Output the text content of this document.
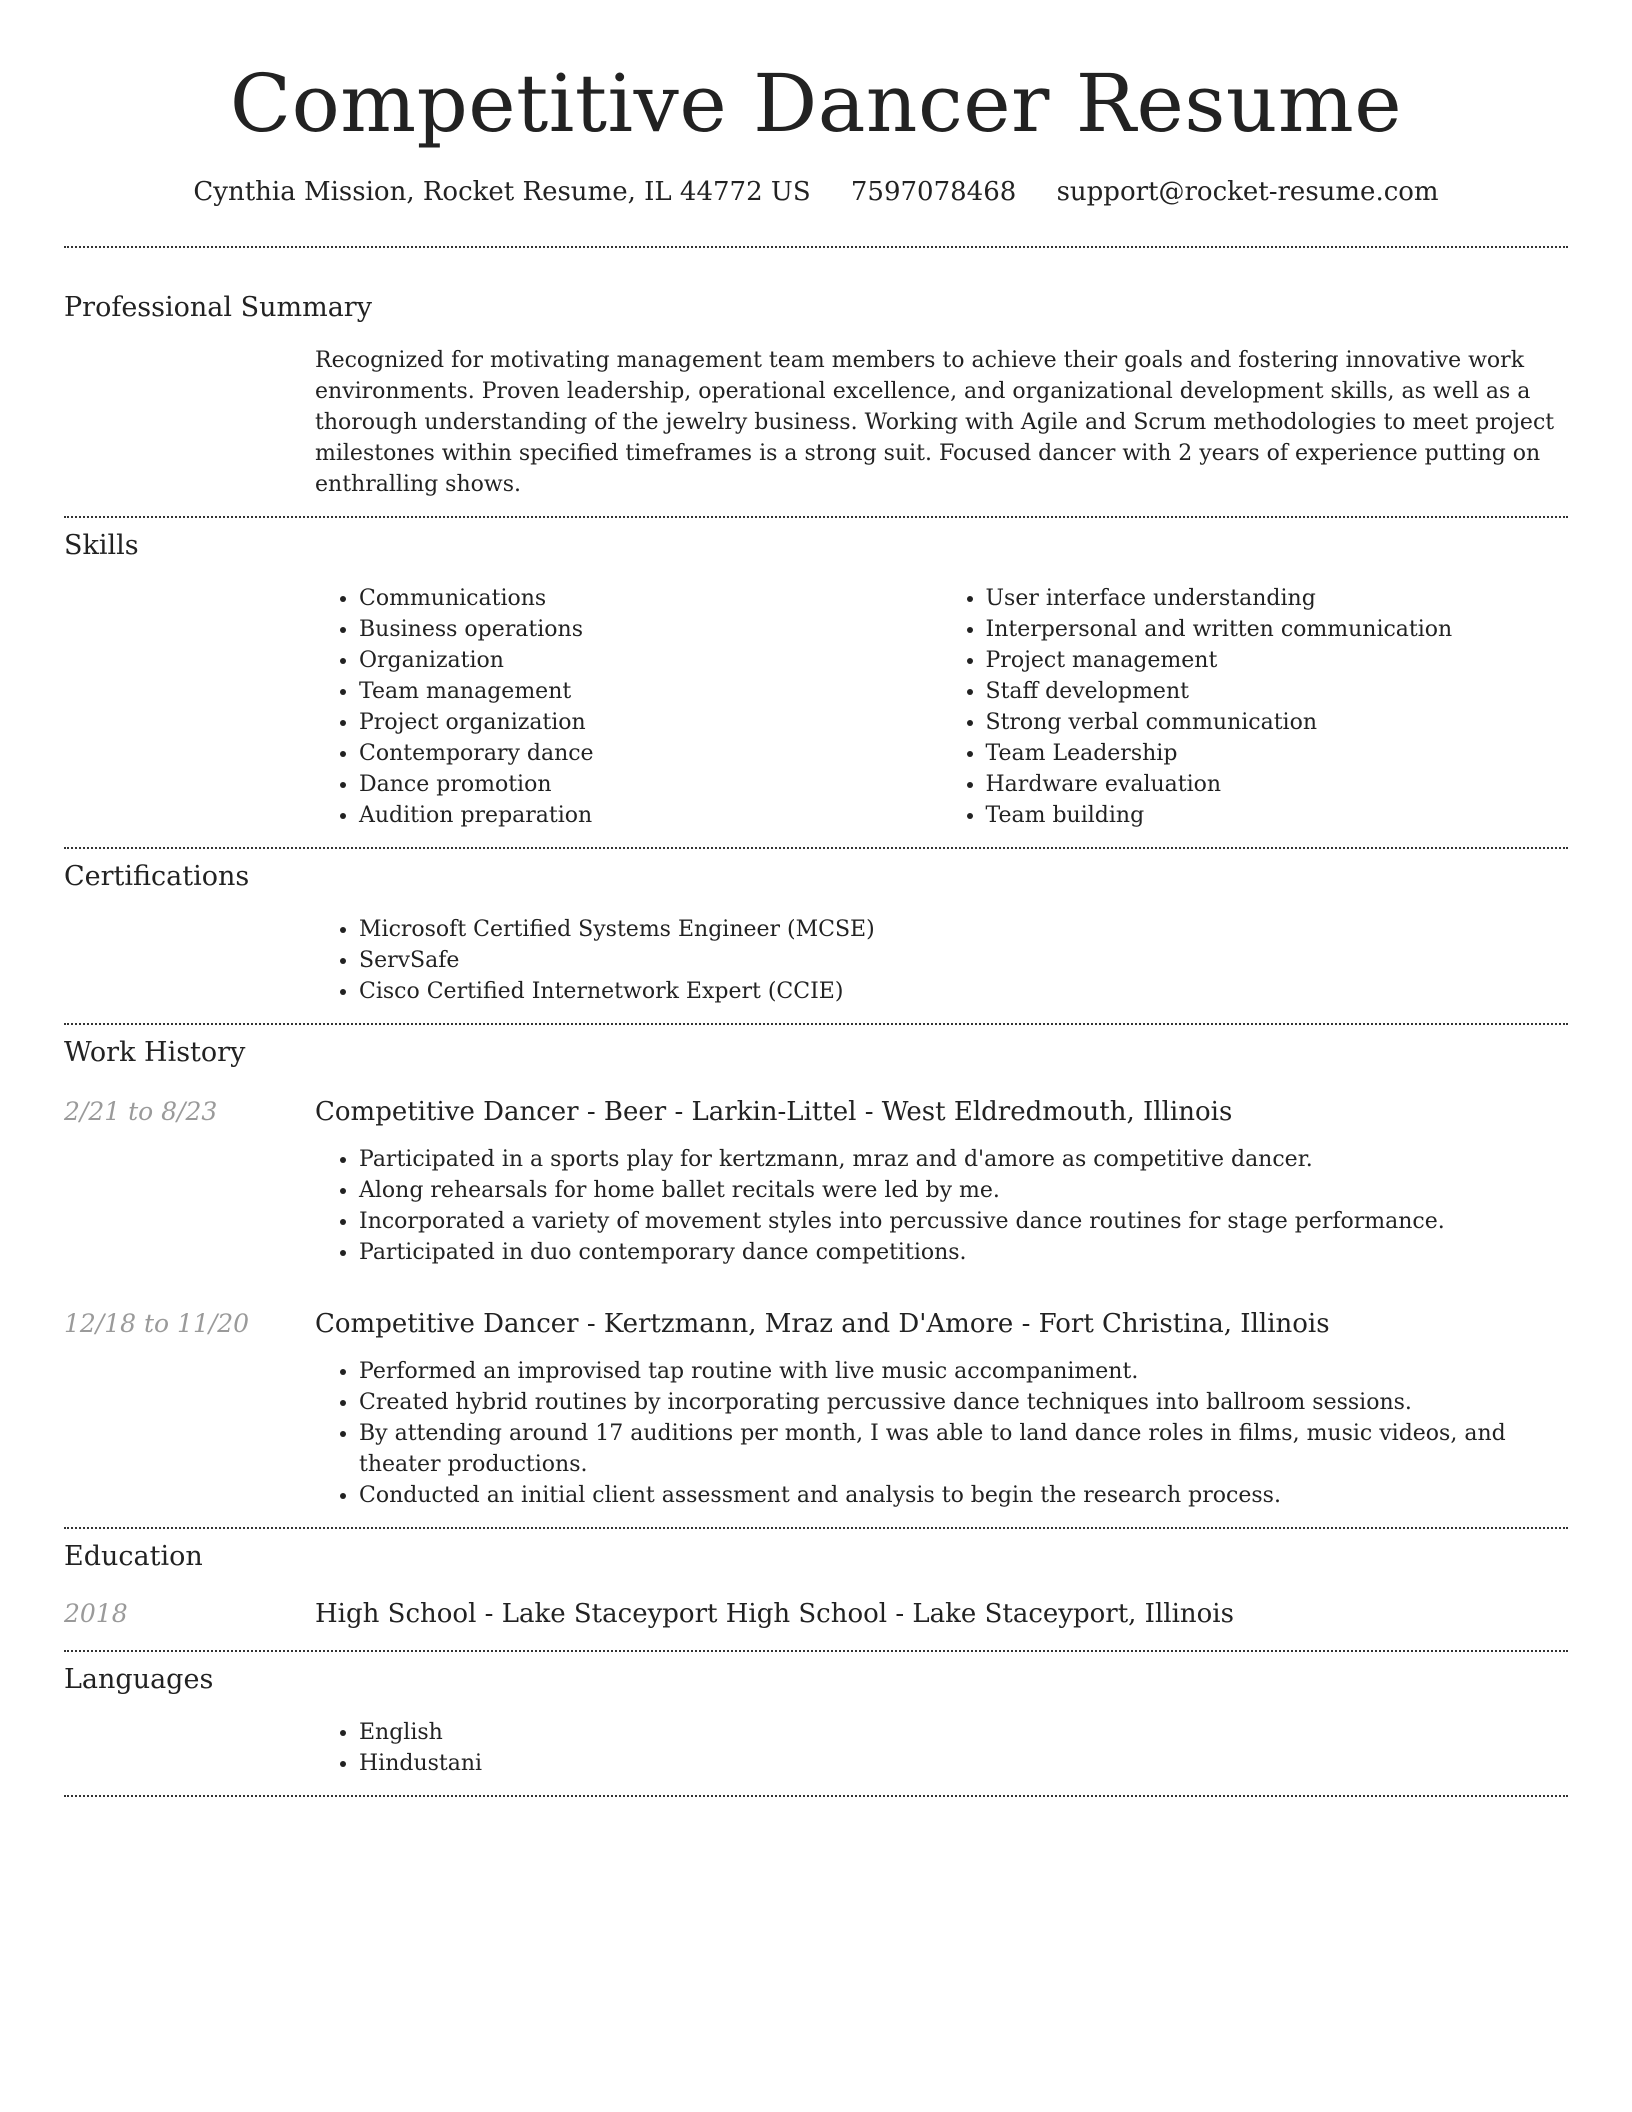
Competitive Dancer Resume
Cynthia Mission, Rocket Resume, IL 44772 US 7597078468 support@rocket-resume.com
Professional Summary

Recognized for motivating management team members to achieve their goals and fostering innovative work environments. Proven leadership, operational excellence, and organizational development skills, as well as a thorough understanding of the jewelry business. Working with Agile and Scrum methodologies to meet project milestones within specified timeframes is a strong suit. Focused dancer with 2 years of experience putting on enthralling shows.

Skills
• Communications
• Business operations
• Organization
• Team management
• Project organization
• Contemporary dance
• Dance promotion
• Audition preparation
• User interface understanding
• Interpersonal and written communication
• Project management
• Staff development
• Strong verbal communication
• Team Leadership
• Hardware evaluation
• Team building
Certifications
• Microsoft Certified Systems Engineer (MCSE)
• ServSafe
• Cisco Certified Internetwork Expert (CCIE)
Work History
2/21 to 8/23	Competitive Dancer - Beer - Larkin-Littel - West Eldredmouth, Illinois
• Participated in a sports play for kertzmann, mraz and d'amore as competitive dancer.
• Along rehearsals for home ballet recitals were led by me.
• Incorporated a variety of movement styles into percussive dance routines for stage performance.
• Participated in duo contemporary dance competitions.
12/18 to 11/20	Competitive Dancer - Kertzmann, Mraz and D'Amore - Fort Christina, Illinois
• Performed an improvised tap routine with live music accompaniment.
• Created hybrid routines by incorporating percussive dance techniques into ballroom sessions.
• By attending around 17 auditions per month, I was able to land dance roles in films, music videos, and theater productions.
• Conducted an initial client assessment and analysis to begin the research process.
Education
2018	High School - Lake Staceyport High School - Lake Staceyport, Illinois
Languages
• English
• Hindustani
